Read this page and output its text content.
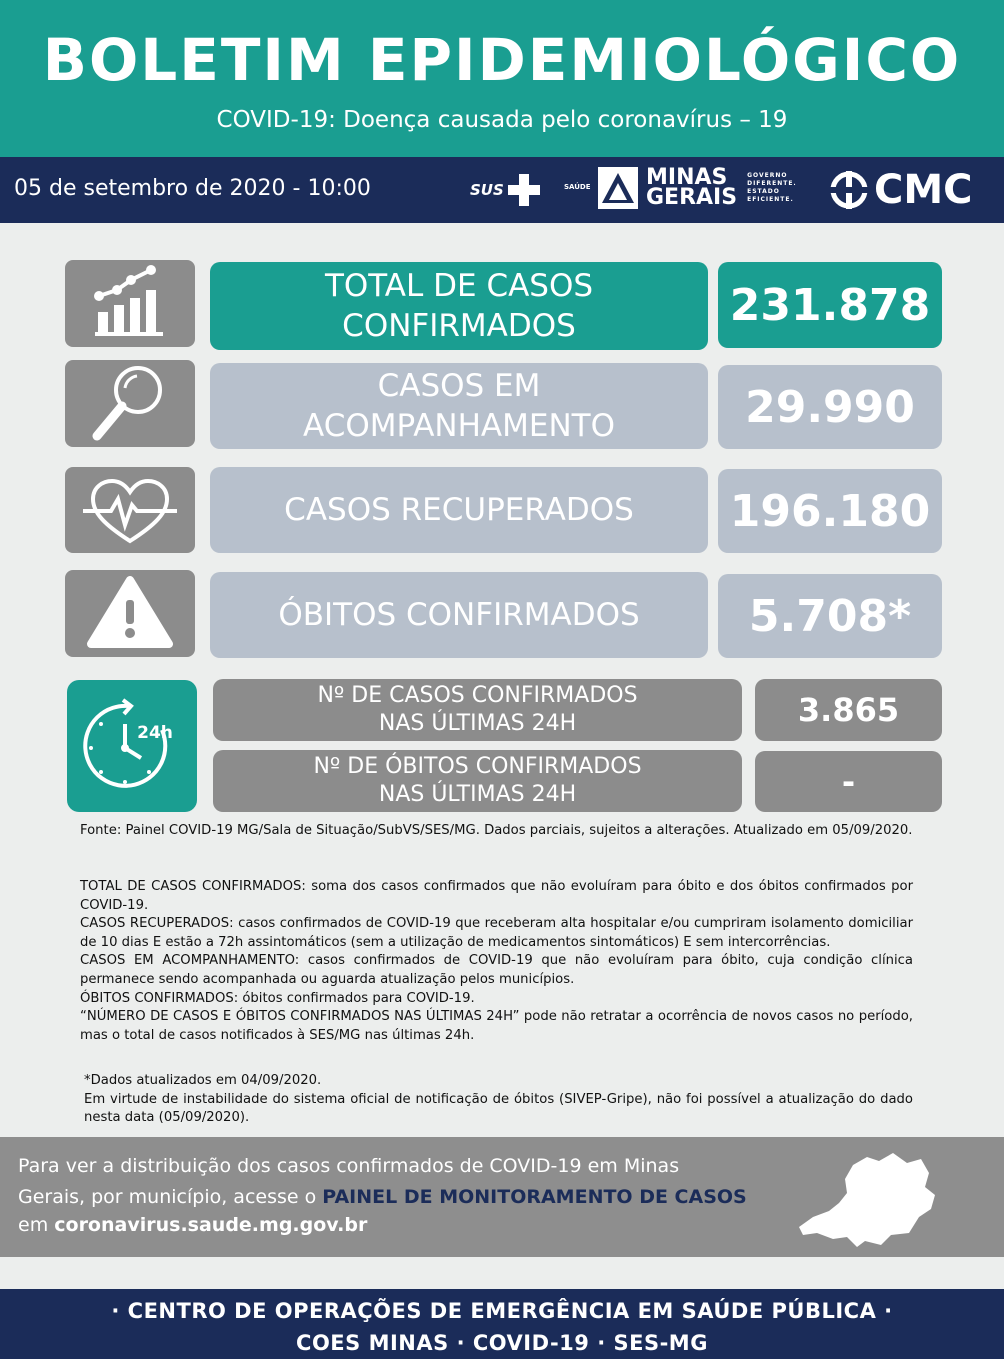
BOLETIM EPIDEMIOLÓGICO
COVID-19: Doença causada pelo coronavírus – 19
05 de setembro de 2020 - 10:00	SUS	SAÚDE	MINAS
GERAIS
GOVERNO
DIFERENTE.
ESTADO
EFICIENTE. CMC
TOTAL DE CASOS
CONFIRMADOS	231.878
CASOS EM
ACOMPANHAMENTO	29.990
CASOS RECUPERADOS	196.180
ÓBITOS CONFIRMADOS	5.708*
24h
Nº DE CASOS CONFIRMADOS
NAS ÚLTIMAS 24H	3.865
Nº DE ÓBITOS CONFIRMADOS
NAS ÚLTIMAS 24H	-
Fonte: Painel COVID-19 MG/Sala de Situação/SubVS/SES/MG. Dados parciais, sujeitos a alterações. Atualizado em 05/09/2020.
TOTAL DE CASOS CONFIRMADOS: soma dos casos confirmados que não evoluíram para óbito e dos óbitos confirmados por COVID-19.
CASOS RECUPERADOS: casos confirmados de COVID-19 que receberam alta hospitalar e/ou cumpriram isolamento domiciliar de 10 dias E estão a 72h assintomáticos (sem a utilização de medicamentos sintomáticos) E sem intercorrências.
CASOS EM ACOMPANHAMENTO: casos confirmados de COVID-19 que não evoluíram para óbito, cuja condição clínica permanece sendo acompanhada ou aguarda atualização pelos municípios.
ÓBITOS CONFIRMADOS: óbitos confirmados para COVID-19.
“NÚMERO DE CASOS E ÓBITOS CONFIRMADOS NAS ÚLTIMAS 24H” pode não retratar a ocorrência de novos casos no período, mas o total de casos notificados à SES/MG nas últimas 24h.
*Dados atualizados em 04/09/2020.
Em virtude de instabilidade do sistema oficial de notificação de óbitos (SIVEP-Gripe), não foi possível a atualização do dado nesta data (05/09/2020).

Para ver a distribuição dos casos confirmados de COVID-19 em Minas

Gerais, por município, acesse o PAINEL DE MONITORAMENTO DE CASOS

em coronavirus.saude.mg.gov.br

· CENTRO DE OPERAÇÕES DE EMERGÊNCIA EM SAÚDE PÚBLICA ·
COES MINAS · COVID-19 · SES-MG
